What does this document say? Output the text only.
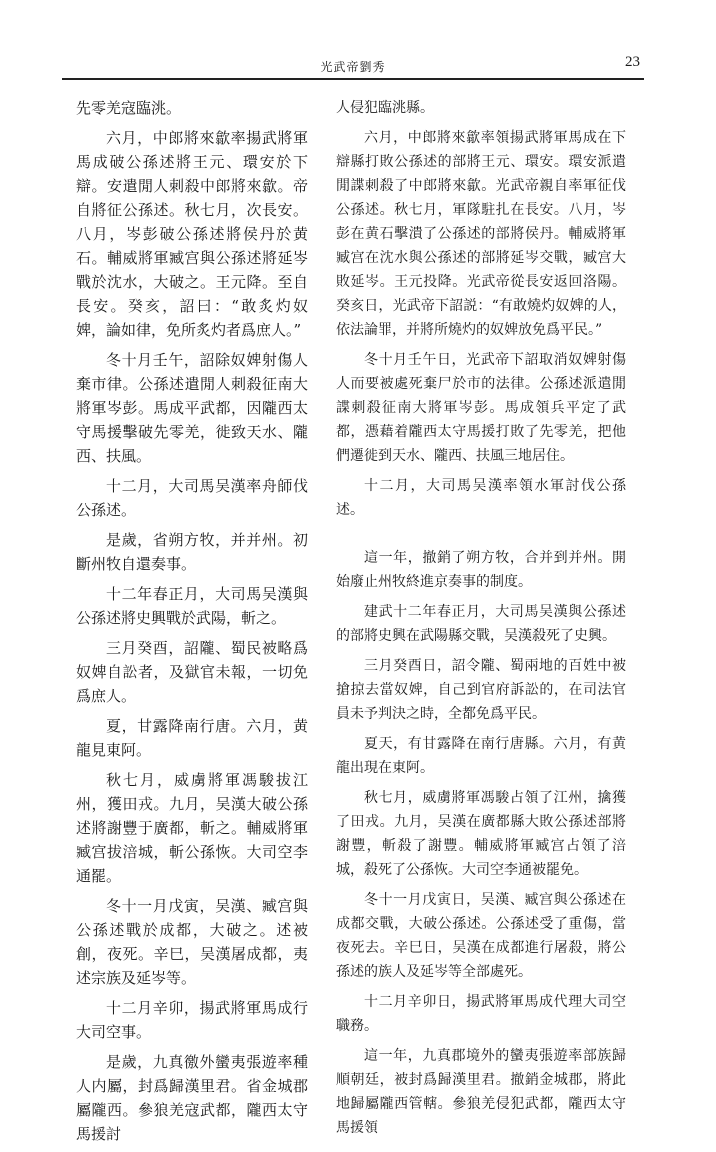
光武帝劉秀	23

先零羌寇臨洮。

六月，中郎將來歙率揚武將軍馬成破公孫述將王元、環安於下辯。安遣閒人刺殺中郎將來歙。帝自將征公孫述。秋七月，次長安。八月，岑彭破公孫述將侯丹於黄石。輔威將軍臧宫與公孫述將延岑戰於沈水，大破之。王元降。至自長安。癸亥，詔曰：“敢炙灼奴婢，論如律，免所炙灼者爲庶人。”

冬十月壬午，詔除奴婢射傷人棄市律。公孫述遣閒人刺殺征南大將軍岑彭。馬成平武都，因隴西太守馬援擊破先零羌，徙致天水、隴西、扶風。

十二月，大司馬吴漢率舟師伐公孫述。

是歲，省朔方牧，并并州。初斷州牧自還奏事。

十二年春正月，大司馬吴漢與公孫述將史興戰於武陽，斬之。

三月癸酉，詔隴、蜀民被略爲奴婢自訟者，及獄官未報，一切免爲庶人。

夏，甘露降南行唐。六月，黄龍見東阿。

秋七月，威虜將軍馮駿拔江州，獲田戎。九月，吴漢大破公孫述將謝豐于廣都，斬之。輔威將軍臧宫拔涪城，斬公孫恢。大司空李通罷。

冬十一月戊寅，吴漢、臧宫與公孫述戰於成都，大破之。述被創，夜死。辛巳，吴漢屠成都，夷述宗族及延岑等。

十二月辛卯，揚武將軍馬成行大司空事。

是歲，九真徼外蠻夷張遊率種人内屬，封爲歸漢里君。省金城郡屬隴西。參狼羌寇武都，隴西太守馬援討

人侵犯臨洮縣。

六月，中郎將來歙率領揚武將軍馬成在下辯縣打敗公孫述的部將王元、環安。環安派遣閒諜刺殺了中郎將來歙。光武帝親自率軍征伐公孫述。秋七月，軍隊駐扎在長安。八月，岑彭在黄石擊潰了公孫述的部將侯丹。輔威將軍臧宫在沈水與公孫述的部將延岑交戰，臧宫大敗延岑。王元投降。光武帝從長安返回洛陽。癸亥日，光武帝下詔説：“有敢燒灼奴婢的人，依法論罪，并將所燒灼的奴婢放免爲平民。”

冬十月壬午日，光武帝下詔取消奴婢射傷人而要被處死棄尸於市的法律。公孫述派遣閒諜刺殺征南大將軍岑彭。馬成領兵平定了武都，憑藉着隴西太守馬援打敗了先零羌，把他們遷徙到天水、隴西、扶風三地居住。

十二月，大司馬吴漢率領水軍討伐公孫述。

這一年，撤銷了朔方牧，合并到并州。開始廢止州牧終進京奏事的制度。

建武十二年春正月，大司馬吴漢與公孫述的部將史興在武陽縣交戰，吴漢殺死了史興。

三月癸酉日，詔令隴、蜀兩地的百姓中被搶掠去當奴婢，自己到官府訴訟的，在司法官員未予判決之時，全都免爲平民。

夏天，有甘露降在南行唐縣。六月，有黄龍出現在東阿。

秋七月，威虜將軍馮駿占領了江州，擒獲了田戎。九月，吴漢在廣都縣大敗公孫述部將謝豐，斬殺了謝豐。輔威將軍臧宫占領了涪城，殺死了公孫恢。大司空李通被罷免。

冬十一月戊寅日，吴漢、臧宫與公孫述在成都交戰，大破公孫述。公孫述受了重傷，當夜死去。辛巳日，吴漢在成都進行屠殺，將公孫述的族人及延岑等全部處死。

十二月辛卯日，揚武將軍馬成代理大司空職務。

這一年，九真郡境外的蠻夷張遊率部族歸順朝廷，被封爲歸漢里君。撤銷金城郡，將此地歸屬隴西管轄。參狼羌侵犯武都，隴西太守馬援領
